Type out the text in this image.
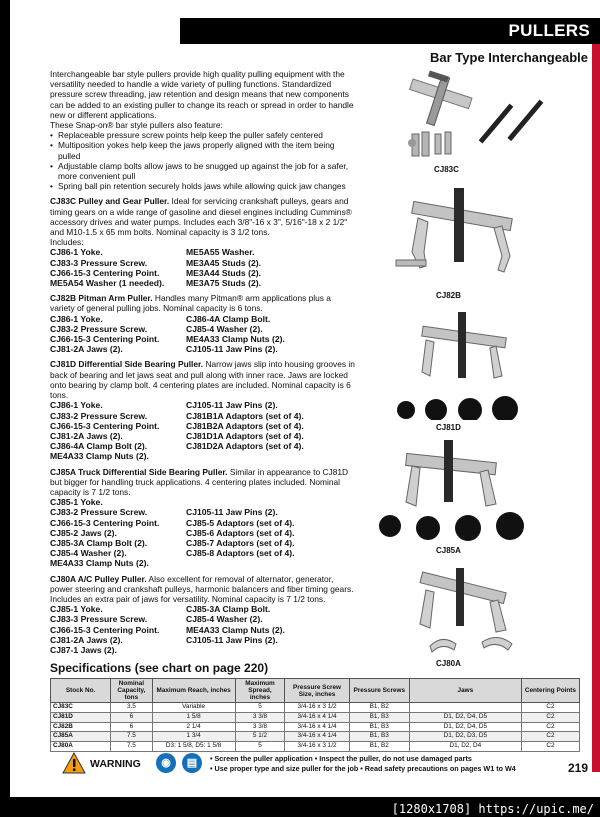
PULLERS
Bar Type Interchangeable

Interchangeable bar style pullers provide high quality pulling equipment with the versatility needed to handle a wide variety of pulling functions. Standardized pressure screw threading, jaw retention and design means that new components can be added to an existing puller to change its reach or spread in order to handle new or different applications.

These Snap-on® bar style pullers also feature:

• Replaceable pressure screw points help keep the puller safely centered
• Multiposition yokes help keep the jaws properly aligned with the item being pulled
• Adjustable clamp bolts allow jaws to be snugged up against the job for a safer, more convenient pull
• Spring ball pin retention securely holds jaws while allowing quick jaw changes

CJ83C Pulley and Gear Puller. Ideal for servicing crankshaft pulleys, gears and timing gears on a wide range of gasoline and diesel engines including Cummins® accessory drives and water pumps. Includes each 3/8"-16 x 3", 5/16"-18 x 2 1/2" and M10-1.5 x 65 mm bolts. Nominal capacity is 3 1/2 tons.

Includes:

CJ86-1 Yoke.	ME5A55 Washer.
CJ83-3 Pressure Screw.	ME3A45 Studs (2).
CJ66-15-3 Centering Point.	ME3A44 Studs (2).
ME5A54 Washer (1 needed).	ME3A75 Studs (2).

CJ82B Pitman Arm Puller. Handles many Pitman® arm applications plus a variety of general pulling jobs. Nominal capacity is 6 tons.

CJ86-1 Yoke.	CJ86-4A Clamp Bolt.
CJ83-2 Pressure Screw.	CJ85-4 Washer (2).
CJ66-15-3 Centering Point.	ME4A33 Clamp Nuts (2).
CJ81-2A Jaws (2).	CJ105-11 Jaw Pins (2).

CJ81D Differential Side Bearing Puller. Narrow jaws slip into housing grooves in back of bearing and let jaws seat and pull along with inner race. Jaws are locked onto bearing by clamp bolt. 4 centering plates are included. Nominal capacity is 6 tons.

CJ86-1 Yoke.	CJ105-11 Jaw Pins (2).
CJ83-2 Pressure Screw.	CJ81B1A Adaptors (set of 4).
CJ66-15-3 Centering Point.	CJ81B2A Adaptors (set of 4).
CJ81-2A Jaws (2).	CJ81D1A Adaptors (set of 4).
CJ86-4A Clamp Bolt (2).	CJ81D2A Adaptors (set of 4).
ME4A33 Clamp Nuts (2).

CJ85A Truck Differential Side Bearing Puller. Similar in appearance to CJ81D but bigger for handling truck applications. 4 centering plates included. Nominal capacity is 7 1/2 tons.

CJ85-1 Yoke.
CJ83-2 Pressure Screw.	CJ105-11 Jaw Pins (2).
CJ66-15-3 Centering Point.	CJ85-5 Adaptors (set of 4).
CJ85-2 Jaws (2).	CJ85-6 Adaptors (set of 4).
CJ85-3A Clamp Bolt (2).	CJ85-7 Adaptors (set of 4).
CJ85-4 Washer (2).	CJ85-8 Adaptors (set of 4).
ME4A33 Clamp Nuts (2).

CJ80A A/C Pulley Puller. Also excellent for removal of alternator, generator, power steering and crankshaft pulleys, harmonic balancers and fiber timing gears. Includes an extra pair of jaws for versatility. Nominal capacity is 7 1/2 tons.

CJ85-1 Yoke.	CJ85-3A Clamp Bolt.
CJ83-3 Pressure Screw.	CJ85-4 Washer (2).
CJ66-15-3 Centering Point.	ME4A33 Clamp Nuts (2).
CJ81-2A Jaws (2).	CJ105-11 Jaw Pins (2).
CJ87-1 Jaws (2).
CJ83C
CJ82B
CJ81D
CJ85A
CJ80A
Specifications (see chart on page 220)
Stock No.	Nominal Capacity, tons	Maximum Reach, inches	Maximum Spread, inches	Pressure Screw Size, inches	Pressure Screws	Jaws	Centering Points
CJ83C	3.5	Variable	5	3/4-16 x 3 1/2	B1, B2		C2
CJ81D	6	1 5/8	3 3/8	3/4-16 x 4 1/4	B1, B3	D1, D2, D4, D5	C2
CJ82B	6	2 1/4	3 3/8	3/4-16 x 4 1/4	B1, B3	D1, D2, D4, D5	C2
CJ85A	7.5	1 3/4	5 1/2	3/4-16 x 4 1/4	B1, B3	D1, D2, D3, D5	C2
CJ80A	7.5	D3: 1 5/8, D5: 1 5/8	5	3/4-16 x 3 1/2	B1, B2	D1, D2, D4	C2
WARNING	◉	▤	• Screen the puller application • Inspect the puller, do not use damaged parts
• Use proper type and size puller for the job • Read safety precautions on pages W1 to W4	219
[1280x1708] https://upic.me/
